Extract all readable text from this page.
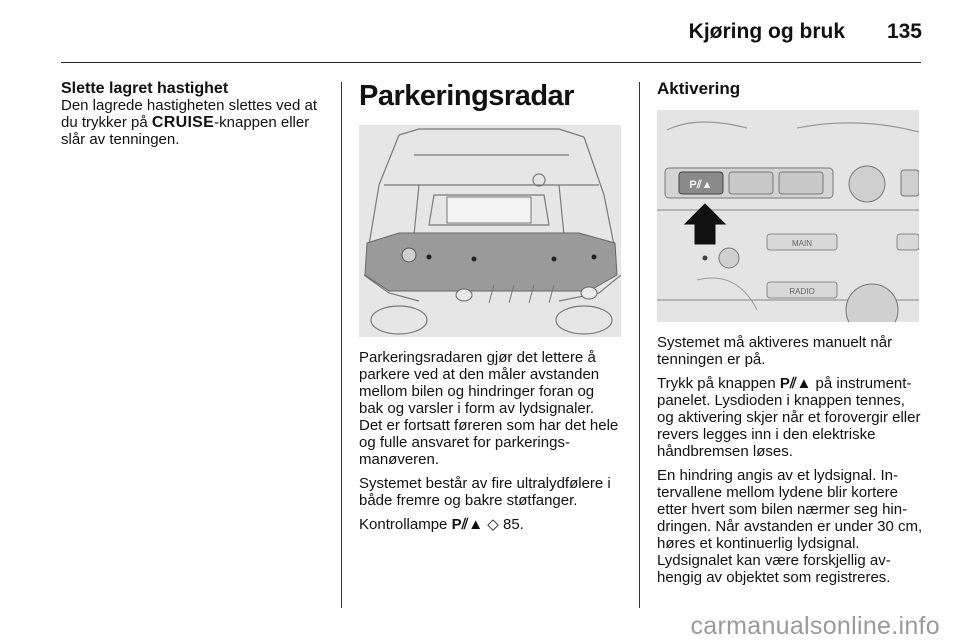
Kjøring og bruk 135
Slette lagret hastighet

Den lagrede hastigheten slettes ved at du trykker på CRUISE-knappen eller slår av tenningen.

Parkeringsradar

Parkeringsradaren gjør det lettere å parkere ved at den måler avstanden mellom bilen og hindringer foran og bak og varsler i form av lydsignaler. Det er fortsatt føreren som har det hele og fulle ansvaret for parkeringsmanøveren.

Systemet består av fire ultralydfølere i både fremre og bakre støtfanger.

Kontrollampe P⫽▲ ◇ 85.

Aktivering
P⫽▲
MAIN
RADIO

Systemet må aktiveres manuelt når tenningen er på.

Trykk på knappen P⫽▲ på instrumentpanelet. Lysdioden i knappen tennes, og aktivering skjer når et forovergir eller revers legges inn i den elektriske håndbremsen løses.

En hindring angis av et lydsignal. Intervallene mellom lydene blir kortere etter hvert som bilen nærmer seg hindringen. Når avstanden er under 30 cm, høres et kontinuerlig lydsignal. Lydsignalet kan være forskjellig avhengig av objektet som registreres.

carmanualsonline.info
